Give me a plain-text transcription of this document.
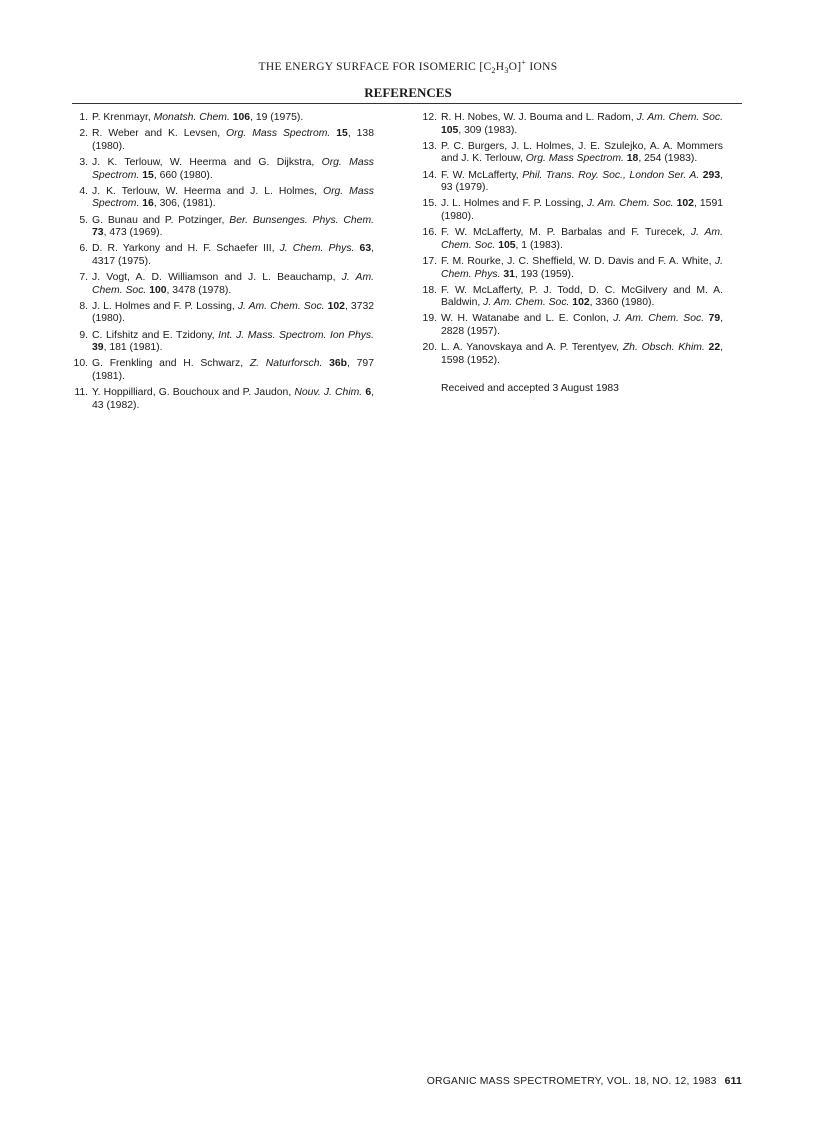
THE ENERGY SURFACE FOR ISOMERIC $[C_2H_3O]^+$ IONS
REFERENCES
1. P. Krenmayr, Monatsh. Chem. 106, 19 (1975).
2. R. Weber and K. Levsen, Org. Mass Spectrom. 15, 138 (1980).
3. J. K. Terlouw, W. Heerma and G. Dijkstra, Org. Mass Spectrom. 15, 660 (1980).
4. J. K. Terlouw, W. Heerma and J. L. Holmes, Org. Mass Spectrom. 16, 306, (1981).
5. G. Bunau and P. Potzinger, Ber. Bunsenges. Phys. Chem. 73, 473 (1969).
6. D. R. Yarkony and H. F. Schaefer III, J. Chem. Phys. 63, 4317 (1975).
7. J. Vogt, A. D. Williamson and J. L. Beauchamp, J. Am. Chem. Soc. 100, 3478 (1978).
8. J. L. Holmes and F. P. Lossing, J. Am. Chem. Soc. 102, 3732 (1980).
9. C. Lifshitz and E. Tzidony, Int. J. Mass. Spectrom. Ion Phys. 39, 181 (1981).
10. G. Frenkling and H. Schwarz, Z. Naturforsch. 36b, 797 (1981).
11. Y. Hoppilliard, G. Bouchoux and P. Jaudon, Nouv. J. Chim. 6, 43 (1982).
12. R. H. Nobes, W. J. Bouma and L. Radom, J. Am. Chem. Soc. 105, 309 (1983).
13. P. C. Burgers, J. L. Holmes, J. E. Szulejko, A. A. Mommers and J. K. Terlouw, Org. Mass Spectrom. 18, 254 (1983).
14. F. W. McLafferty, Phil. Trans. Roy. Soc., London Ser. A. 293, 93 (1979).
15. J. L. Holmes and F. P. Lossing, J. Am. Chem. Soc. 102, 1591 (1980).
16. F. W. McLafferty, M. P. Barbalas and F. Turecek, J. Am. Chem. Soc. 105, 1 (1983).
17. F. M. Rourke, J. C. Sheffield, W. D. Davis and F. A. White, J. Chem. Phys. 31, 193 (1959).
18. F. W. McLafferty, P. J. Todd, D. C. McGilvery and M. A. Baldwin, J. Am. Chem. Soc. 102, 3360 (1980).
19. W. H. Watanabe and L. E. Conlon, J. Am. Chem. Soc. 79, 2828 (1957).
20. L. A. Yanovskaya and A. P. Terentyev, Zh. Obsch. Khim. 22, 1598 (1952).
Received and accepted 3 August 1983
ORGANIC MASS SPECTROMETRY, VOL. 18, NO. 12, 1983 611
